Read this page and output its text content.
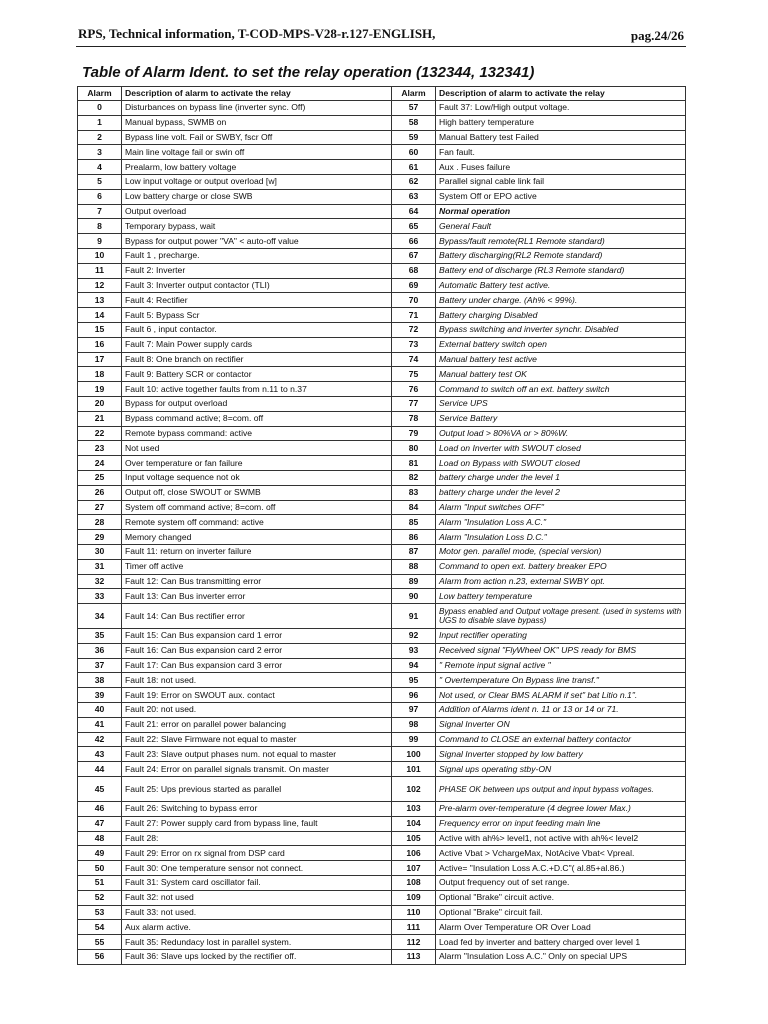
RPS, Technical information, T-COD-MPS-V28-r.127-ENGLISH,	pag.24/26
Table of Alarm Ident. to set the relay operation (132344, 132341)
Alarm	Description of alarm to activate the relay	Alarm	Description of alarm to activate the relay
0	Disturbances on bypass line (inverter sync. Off)	57	Fault 37: Low/High output voltage.
1	Manual bypass, SWMB on	58	High battery temperature
2	Bypass line volt. Fail or SWBY, fscr Off	59	Manual Battery test Failed
3	Main line voltage fail or swin off	60	Fan fault.
4	Prealarm, low battery voltage	61	Aux . Fuses failure
5	Low input voltage or output overload [w]	62	Parallel signal cable link fail
6	Low battery charge or close SWB	63	System Off or EPO active
7	Output overload	64	Normal operation
8	Temporary bypass, wait	65	General Fault
9	Bypass for output power "VA" < auto-off value	66	Bypass/fault remote(RL1 Remote standard)
10	Fault 1 , precharge.	67	Battery discharging(RL2 Remote standard)
11	Fault 2: Inverter	68	Battery end of discharge (RL3 Remote standard)
12	Fault 3: Inverter output contactor (TLI)	69	Automatic Battery test active.
13	Fault 4: Rectifier	70	Battery under charge. (Ah% < 99%).
14	Fault 5: Bypass Scr	71	Battery charging Disabled
15	Fault 6 , input contactor.	72	Bypass switching and inverter synchr. Disabled
16	Fault 7: Main Power supply cards	73	External battery switch open
17	Fault 8: One branch on rectifier	74	Manual battery test active
18	Fault 9: Battery SCR or contactor	75	Manual battery test OK
19	Fault 10: active together faults from n.11 to n.37	76	Command to switch off an ext. battery switch
20	Bypass for output overload	77	Service UPS
21	Bypass command active; 8=com. off	78	Service Battery
22	Remote bypass command: active	79	Output load > 80%VA or > 80%W.
23	Not used	80	Load on Inverter with SWOUT closed
24	Over temperature or fan failure	81	Load on Bypass with SWOUT closed
25	Input voltage sequence not ok	82	battery charge under the level 1
26	Output off, close SWOUT or SWMB	83	battery charge under the level 2
27	System off command active; 8=com. off	84	Alarm "Input switches OFF"
28	Remote system off command: active	85	Alarm "Insulation Loss A.C."
29	Memory changed	86	Alarm "Insulation Loss D.C."
30	Fault 11: return on inverter failure	87	Motor gen. parallel mode, (special version)
31	Timer off active	88	Command to open ext. battery breaker EPO
32	Fault 12: Can Bus transmitting error	89	Alarm from action n.23, external SWBY opt.
33	Fault 13: Can Bus inverter error	90	Low battery temperature
34	Fault 14: Can Bus rectifier error	91	Bypass enabled and Output voltage present. (used in systems with UGS to disable slave bypass)
35	Fault 15: Can Bus expansion card 1 error	92	Input rectifier operating
36	Fault 16: Can Bus expansion card 2 error	93	Received signal "FlyWheel OK" UPS ready for BMS
37	Fault 17: Can Bus expansion card 3 error	94	" Remote input signal active "
38	Fault 18: not used.	95	" Overtemperature On Bypass line transf."
39	Fault 19: Error on SWOUT aux. contact	96	Not used, or Clear BMS ALARM if set" bat Litio n.1".
40	Fault 20: not used.	97	Addition of Alarms ident n. 11 or 13 or 14 or 71.
41	Fault 21: error on parallel power balancing	98	Signal Inverter ON
42	Fault 22: Slave Firmware not equal to master	99	Command to CLOSE an external battery contactor
43	Fault 23: Slave output phases num. not equal to master	100	Signal Inverter stopped by low battery
44	Fault 24: Error on parallel signals transmit. On master	101	Signal ups operating stby-ON
45	Fault 25: Ups previous started as parallel	102	PHASE OK between ups output and input bypass voltages.
46	Fault 26: Switching to bypass error	103	Pre-alarm over-temperature (4 degree lower Max.)
47	Fault 27: Power supply card from bypass line, fault	104	Frequency error on input feeding main line
48	Fault 28:	105	Active with ah%> level1, not active with ah%< level2
49	Fault 29: Error on rx signal from DSP card	106	Active Vbat > VchargeMax, NotAcive Vbat< Vpreal.
50	Fault 30: One temperature sensor not connect.	107	Active= "Insulation Loss A.C.+D.C"( al.85+al.86.)
51	Fault 31: System card oscillator fail.	108	Output frequency out of set range.
52	Fault 32: not used	109	Optional "Brake" circuit active.
53	Fault 33: not used.	110	Optional "Brake" circuit fail.
54	Aux alarm active.	111	Alarm Over Temperature OR Over Load
55	Fault 35: Redundacy lost in parallel system.	112	Load fed by inverter and battery charged over level 1
56	Fault 36: Slave ups locked by the rectifier off.	113	Alarm "Insulation Loss A.C." Only on special UPS
